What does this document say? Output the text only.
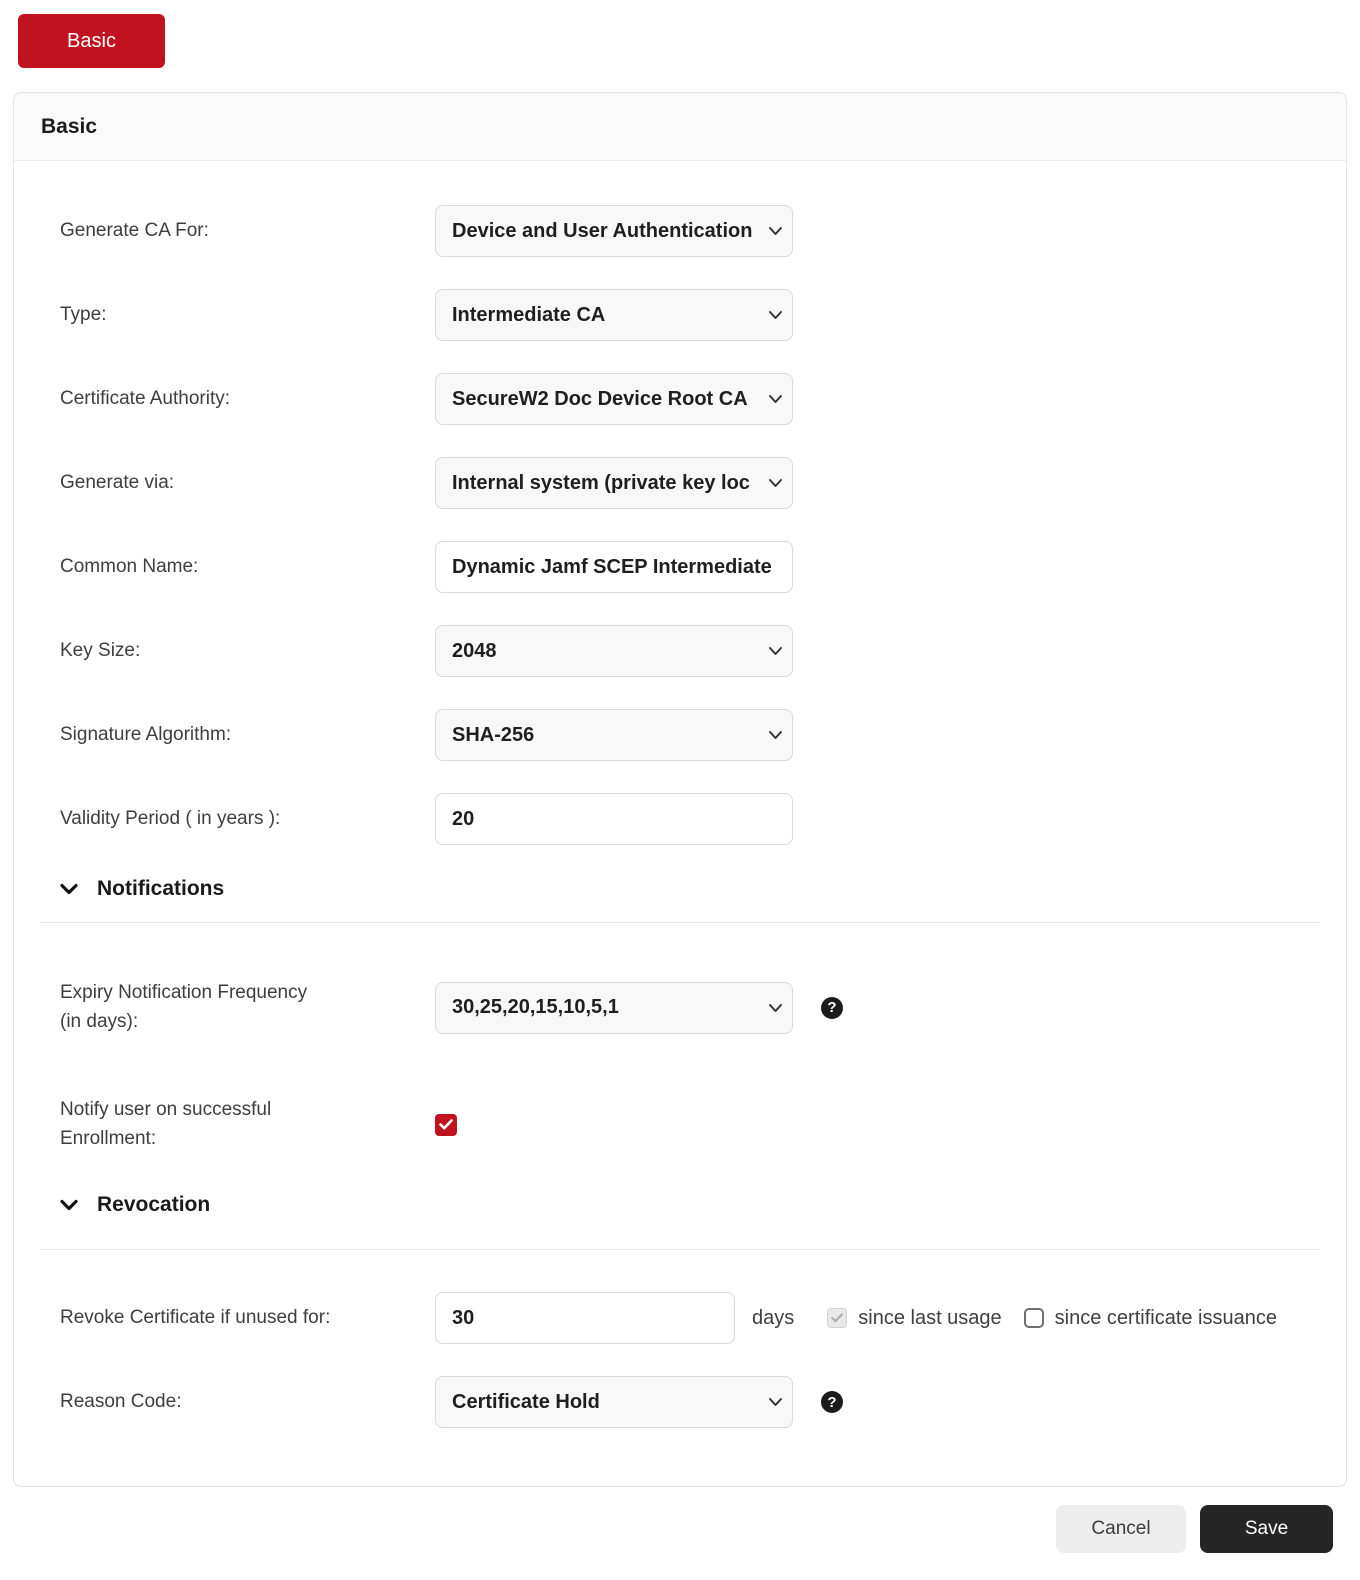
Basic
Basic
Generate CA For:	Device and User Authentication
Type:	Intermediate CA
Certificate Authority:	SecureW2 Doc Device Root CA
Generate via:	Internal system (private key loc
Common Name:
Dynamic Jamf SCEP Intermediate
Key Size:	2048
Signature Algorithm:	SHA-256
Validity Period ( in years ):
20
Notifications
Expiry Notification Frequency
(in days):
30,25,20,15,10,5,1	?
Notify user on successful
Enrollment:
Revocation
Revoke Certificate if unused for:
30	days	since last usage	since certificate issuance
Reason Code:	Certificate Hold	?
Cancel	Save
